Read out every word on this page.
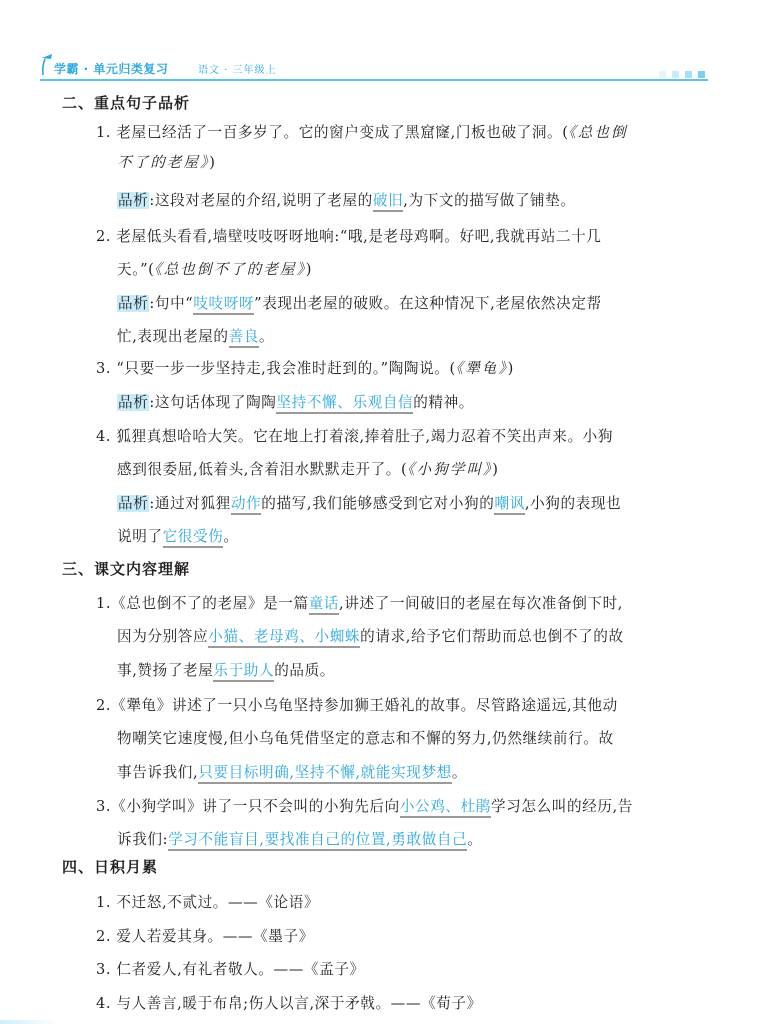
学霸 · 单元归类复习	语文 · 三年级上
二、重点句子品析
1. 老屋已经活了一百多岁了。它的窗户变成了黑窟窿,门板也破了洞。(《总也倒
不了的老屋》)
品析:这段对老屋的介绍,说明了老屋的破旧,为下文的描写做了铺垫。
2. 老屋低头看看,墙壁吱吱呀呀地响:“哦,是老母鸡啊。好吧,我就再站二十几
天。”(《总也倒不了的老屋》)
品析:句中“吱吱呀呀”表现出老屋的破败。在这种情况下,老屋依然决定帮
忙,表现出老屋的善良。
3. “只要一步一步坚持走,我会准时赶到的。”陶陶说。(《犟龟》)
品析:这句话体现了陶陶坚持不懈、乐观自信的精神。
4. 狐狸真想哈哈大笑。它在地上打着滚,捧着肚子,竭力忍着不笑出声来。小狗
感到很委屈,低着头,含着泪水默默走开了。(《小狗学叫》)
品析:通过对狐狸动作的描写,我们能够感受到它对小狗的嘲讽,小狗的表现也
说明了它很受伤。
三、课文内容理解
1.《总也倒不了的老屋》是一篇童话,讲述了一间破旧的老屋在每次准备倒下时,
因为分别答应小猫、老母鸡、小蜘蛛的请求,给予它们帮助而总也倒不了的故
事,赞扬了老屋乐于助人的品质。
2.《犟龟》讲述了一只小乌龟坚持参加狮王婚礼的故事。尽管路途遥远,其他动
物嘲笑它速度慢,但小乌龟凭借坚定的意志和不懈的努力,仍然继续前行。故
事告诉我们,只要目标明确,坚持不懈,就能实现梦想。
3.《小狗学叫》讲了一只不会叫的小狗先后向小公鸡、杜鹃学习怎么叫的经历,告
诉我们:学习不能盲目,要找准自己的位置,勇敢做自己。
四、日积月累
1. 不迁怒,不贰过。——《论语》
2. 爱人若爱其身。——《墨子》
3. 仁者爱人,有礼者敬人。——《孟子》
4. 与人善言,暖于布帛;伤人以言,深于矛戟。——《荀子》
